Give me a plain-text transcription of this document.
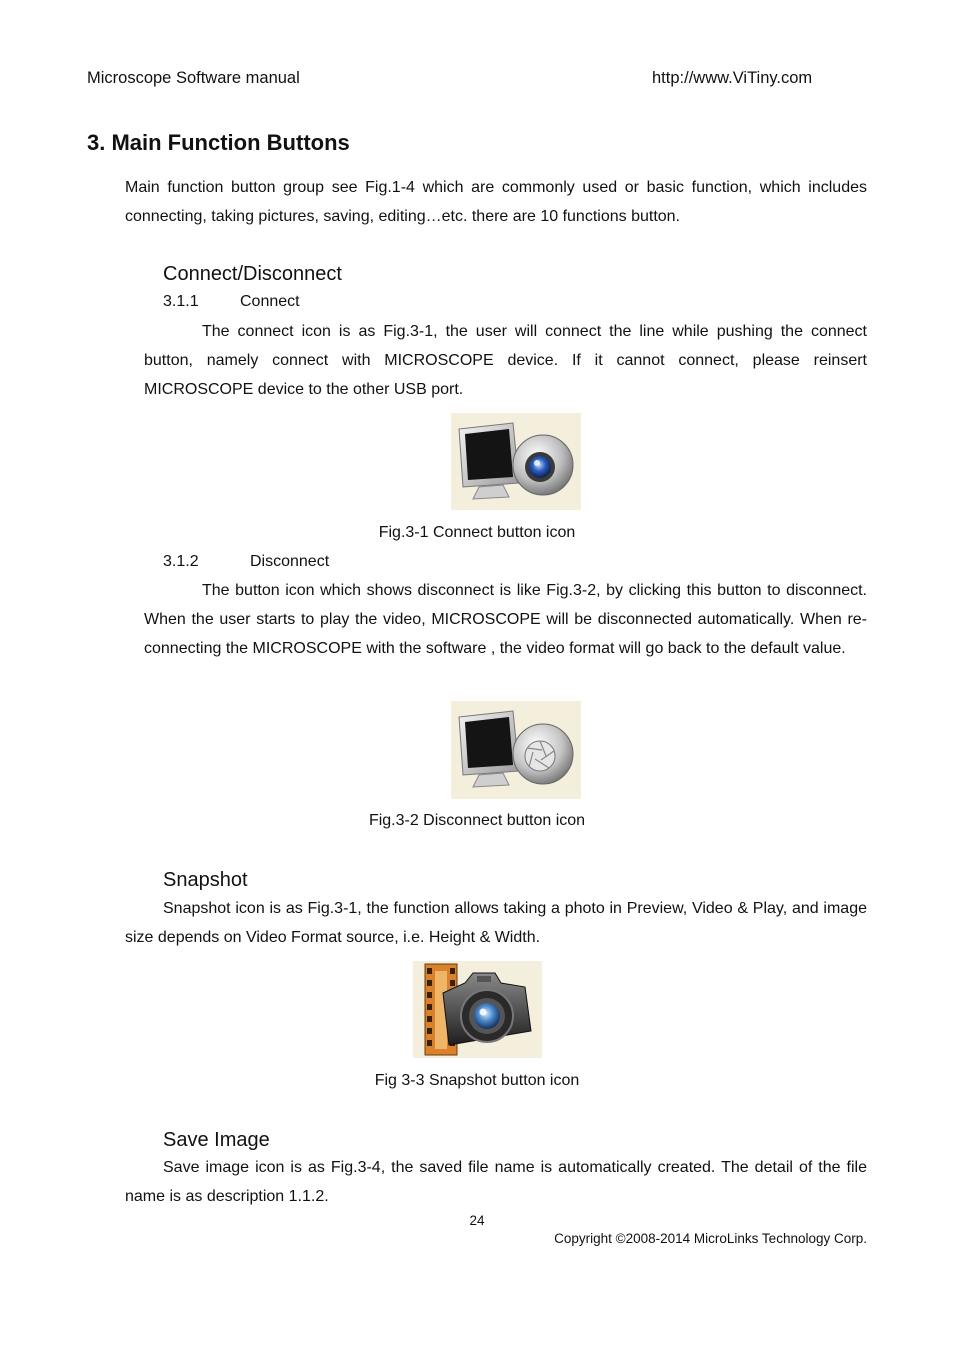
Microscope Software manual	http://www.ViTiny.com
3. Main Function Buttons
Main function button group see Fig.1-4 which are commonly used or basic function, which includes connecting, taking pictures, saving, editing…etc. there are 10 functions button.
Connect/Disconnect
3.1.1	Connect
The connect icon is as Fig.3-1, the user will connect the line while pushing the connect button, namely connect with MICROSCOPE device. If it cannot connect, please reinsert MICROSCOPE device to the other USB port.
Fig.3-1 Connect button icon
3.1.2	Disconnect
The button icon which shows disconnect is like Fig.3-2, by clicking this button to disconnect. When the user starts to play the video, MICROSCOPE will be disconnected automatically. When re-connecting the MICROSCOPE with the software , the video format will go back to the default value.
Fig.3-2 Disconnect button icon
Snapshot
Snapshot icon is as Fig.3-1, the function allows taking a photo in Preview, Video & Play, and image size depends on Video Format source, i.e. Height & Width.
Fig 3-3 Snapshot button icon
Save Image
Save image icon is as Fig.3-4, the saved file name is automatically created. The detail of the file name is as description 1.1.2.
24
Copyright ©2008-2014 MicroLinks Technology Corp.
